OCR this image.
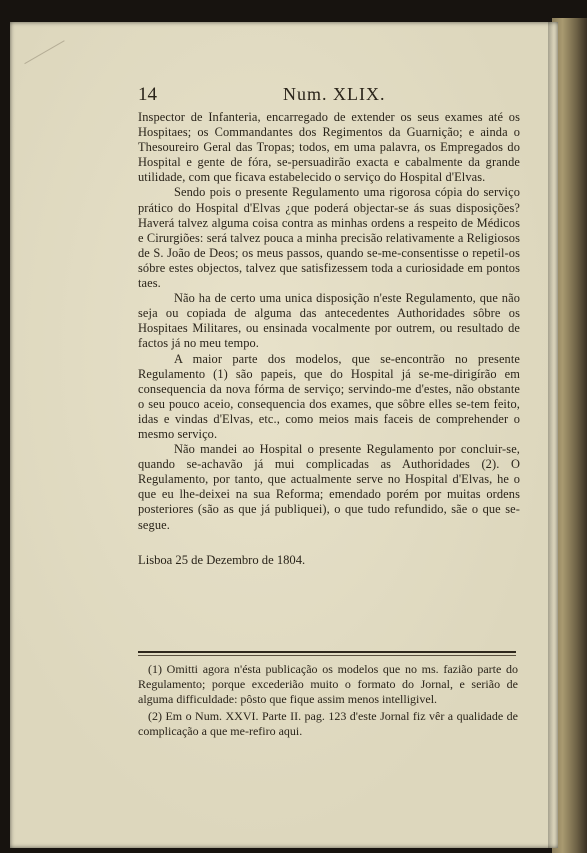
14	Num. XLIX.

Inspector de Infanteria, encarregado de extender os seus exames até os Hospitaes; os Commandantes dos Regimentos da Guarnição; e ainda o Thesoureiro Geral das Tropas; todos, em uma palavra, os Empregados do Hospital e gente de fóra, se-persuadirão exacta e cabalmente da grande utilidade, com que ficava estabelecido o serviço do Hospital d'Elvas.

Sendo pois o presente Regulamento uma rigorosa cópia do serviço prático do Hospital d'Elvas ¿que poderá objectar-se ás suas disposições? Haverá talvez alguma coisa contra as minhas ordens a respeito de Médicos e Cirurgiões: será talvez pouca a minha precisão relativamente a Religiosos de S. João de Deos; os meus passos, quando se-me-consentisse o repetil-os sóbre estes objectos, talvez que satisfizessem toda a curiosidade em pontos taes.

Não ha de certo uma unica disposição n'este Regulamento, que não seja ou copiada de alguma das antecedentes Authoridades sôbre os Hospitaes Militares, ou ensinada vocalmente por outrem, ou resultado de factos já no meu tempo.

A maior parte dos modelos, que se-encontrão no presente Regulamento (1) são papeis, que do Hospital já se-me-dirigírão em consequencia da nova fórma de serviço; servindo-me d'estes, não obstante o seu pouco aceio, consequencia dos exames, que sôbre elles se-tem feito, idas e vindas d'Elvas, etc., como meios mais faceis de comprehender o mesmo serviço.

Não mandei ao Hospital o presente Regulamento por concluir-se, quando se-achavão já mui complicadas as Authoridades (2). O Regulamento, por tanto, que actualmente serve no Hospital d'Elvas, he o que eu lhe-deixei na sua Reforma; emendado porém por muitas ordens posteriores (são as que já publiquei), o que tudo refundido, sãe o que se-segue.

Lisboa 25 de Dezembro de 1804.

(1) Omitti agora n'ésta publicação os modelos que no ms. fazião parte do Regulamento; porque excederião muito o formato do Jornal, e serião de alguma difficuldade: pôsto que fique assim menos intelligivel.

(2) Em o Num. XXVI. Parte II. pag. 123 d'este Jornal fiz vêr a qualidade de complicação a que me-refiro aqui.
